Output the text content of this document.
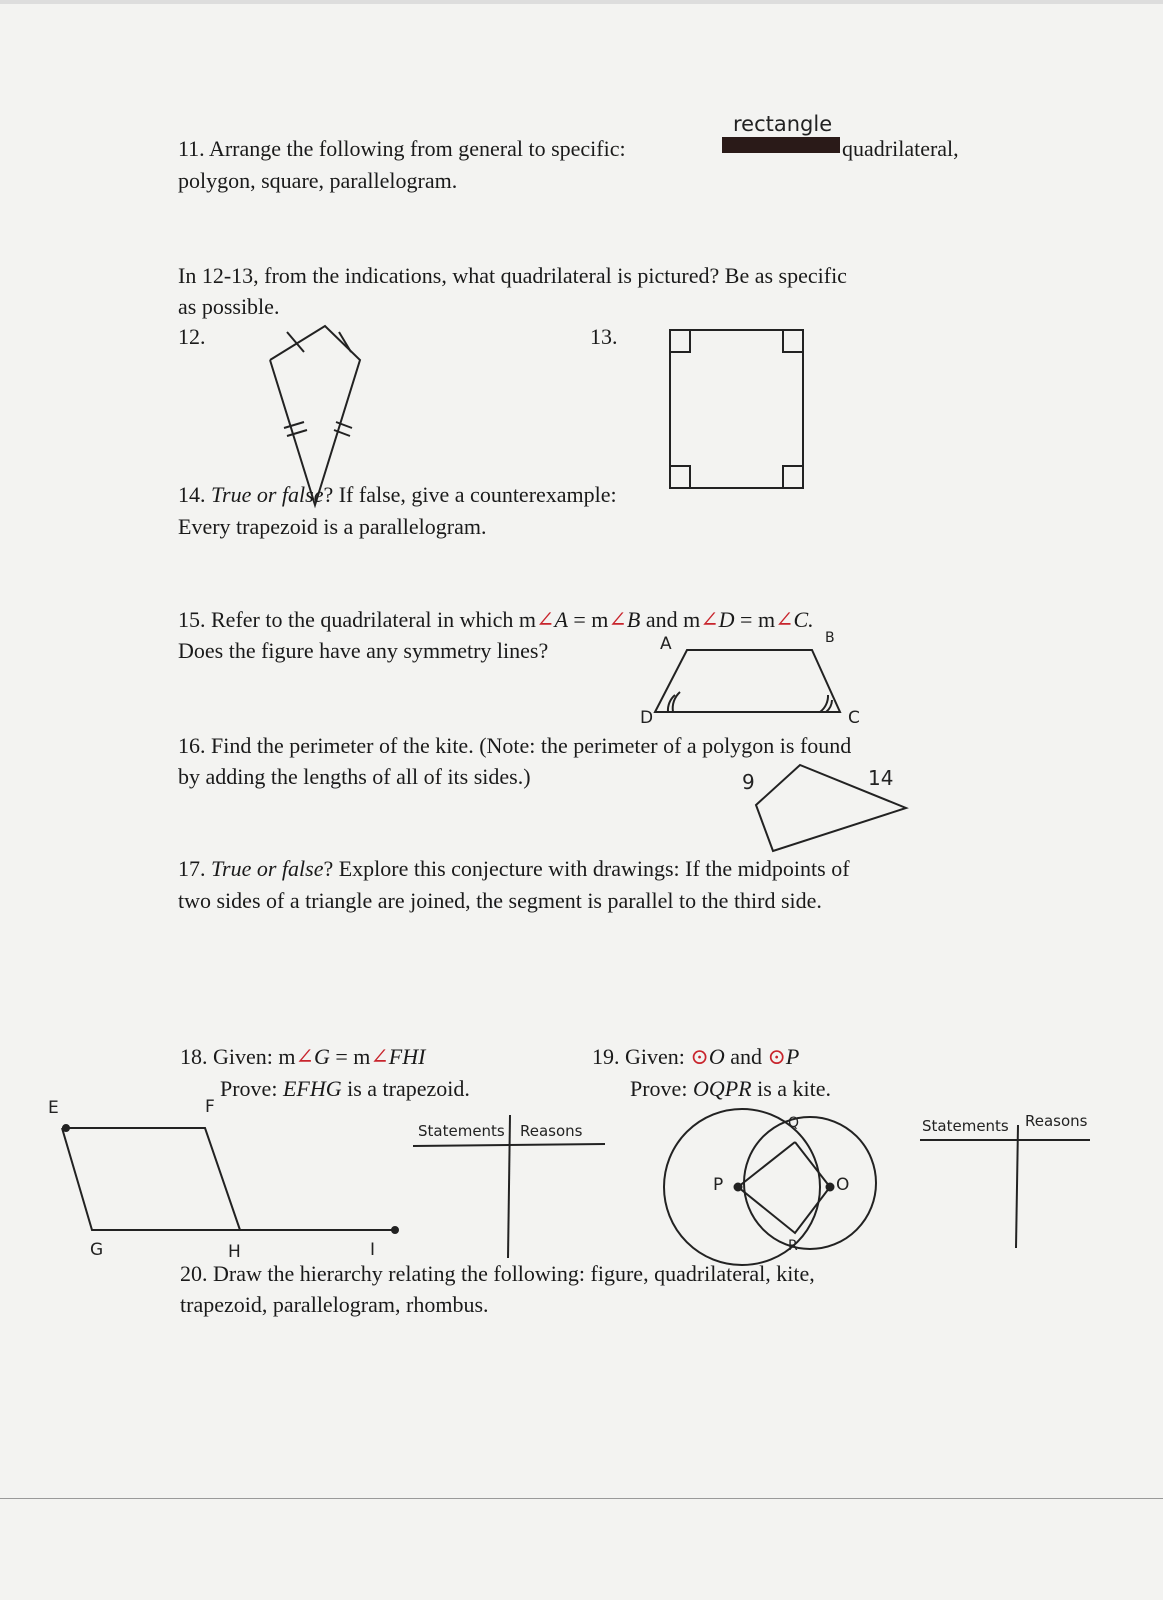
rectangle
11. Arrange the following from general to specific:	quadrilateral,
polygon, square, parallelogram.
In 12-13, from the indications, what quadrilateral is pictured? Be as specific
as possible.
12.	13.
14. True or false? If false, give a counterexample:
Every trapezoid is a parallelogram.
15. Refer to the quadrilateral in which m∠A = m∠B and m∠D = m∠C.
Does the figure have any symmetry lines?	A	B
C
D
16. Find the perimeter of the kite. (Note: the perimeter of a polygon is found
by adding the lengths of all of its sides.)	9	14
17. True or false? Explore this conjecture with drawings: If the midpoints of
two sides of a triangle are joined, the segment is parallel to the third side.
18. Given: m∠G = m∠FHI
Prove: EFHG is a trapezoid.
E	F
G	H	I
Statements Reasons
19. Given: ⊙O and ⊙P
Prove: OQPR is a kite.
P	O
Q
R
Statements Reasons
20. Draw the hierarchy relating the following: figure, quadrilateral, kite,
trapezoid, parallelogram, rhombus.
